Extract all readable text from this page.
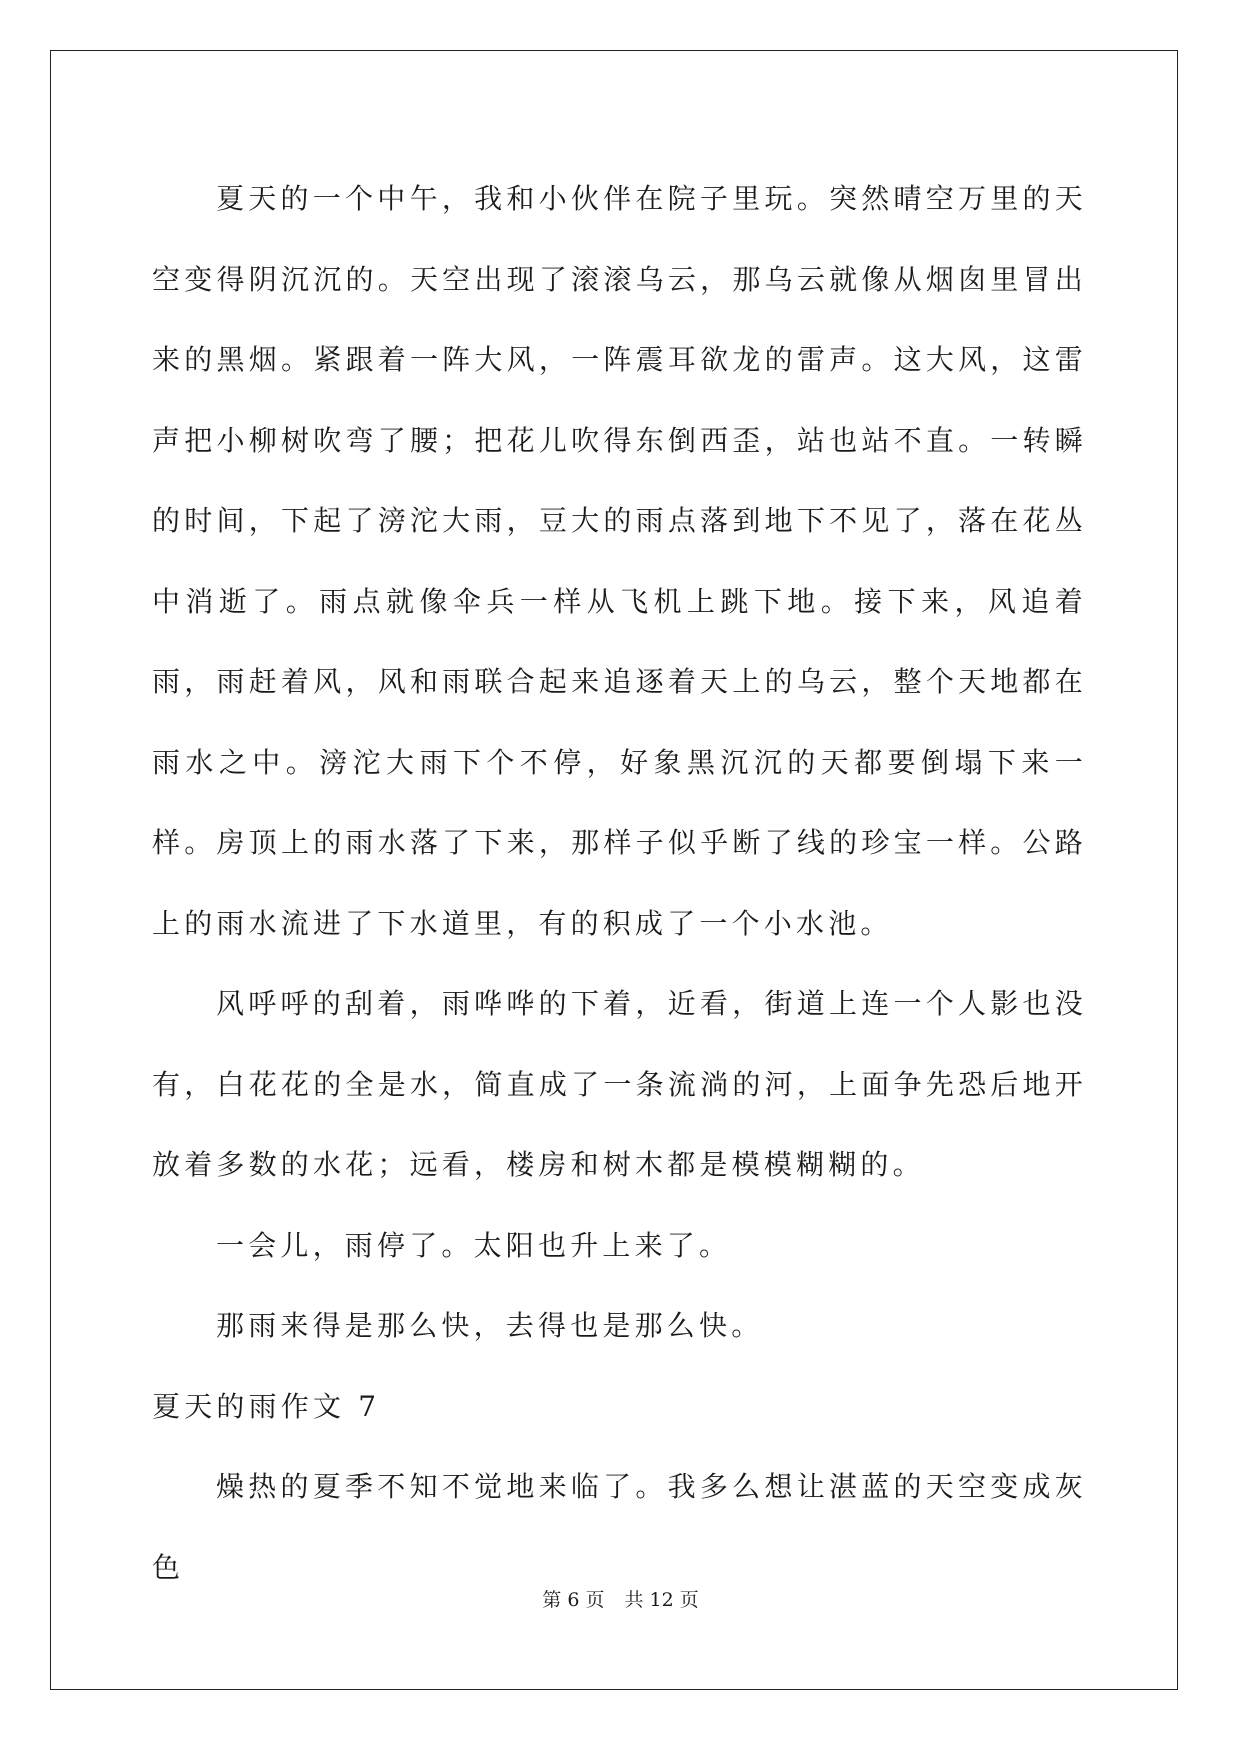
夏天的一个中午，我和小伙伴在院子里玩。突然晴空万里的天空变得阴沉沉的。天空出现了滚滚乌云，那乌云就像从烟囱里冒出来的黑烟。紧跟着一阵大风，一阵震耳欲龙的雷声。这大风，这雷声把小柳树吹弯了腰；把花儿吹得东倒西歪，站也站不直。一转瞬的时间，下起了滂沱大雨，豆大的雨点落到地下不见了，落在花丛中消逝了。雨点就像伞兵一样从飞机上跳下地。接下来，风追着雨，雨赶着风，风和雨联合起来追逐着天上的乌云，整个天地都在雨水之中。滂沱大雨下个不停，好象黑沉沉的天都要倒塌下来一样。房顶上的雨水落了下来，那样子似乎断了线的珍宝一样。公路上的雨水流进了下水道里，有的积成了一个小水池。

风呼呼的刮着，雨哗哗的下着，近看，街道上连一个人影也没有，白花花的全是水，简直成了一条流淌的河，上面争先恐后地开放着多数的水花；远看，楼房和树木都是模模糊糊的。

一会儿，雨停了。太阳也升上来了。

那雨来得是那么快，去得也是那么快。

夏天的雨作文 7

燥热的夏季不知不觉地来临了。我多么想让湛蓝的天空变成灰色

第 6 页 共 12 页
